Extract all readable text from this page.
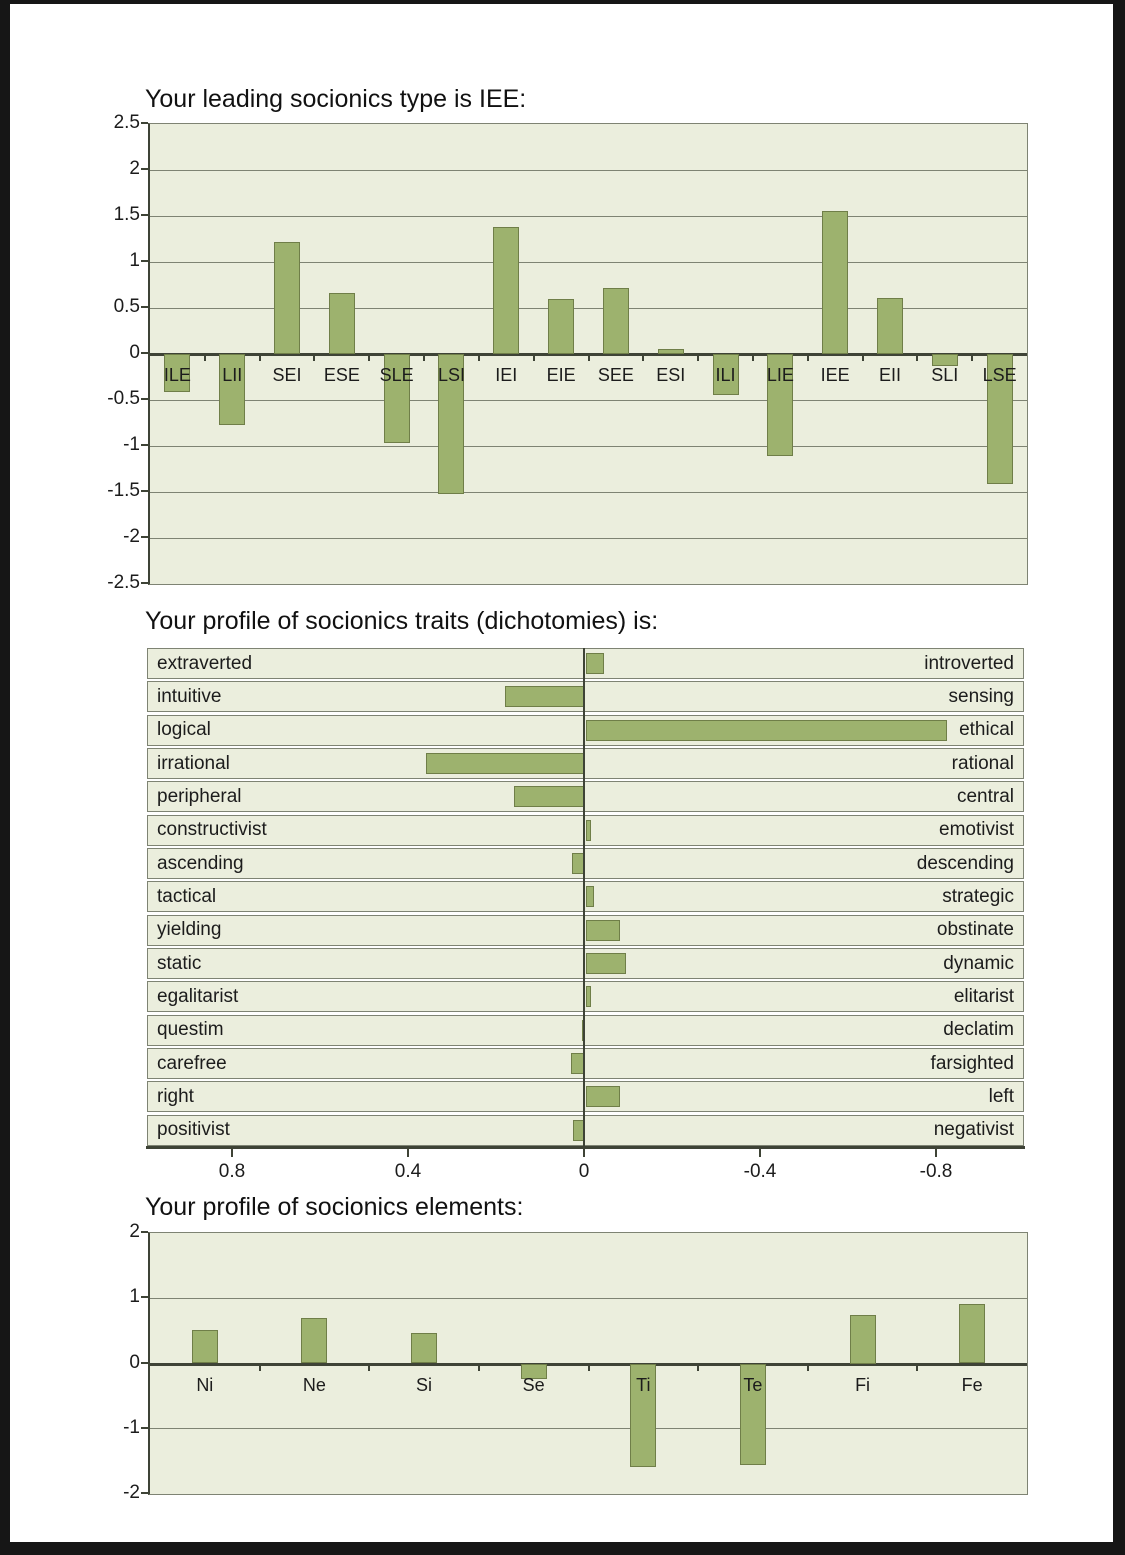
Your leading socionics type is IEE:
ILE	LII	SEI	ESE	SLE	LSI	IEI	EIE	SEE	ESI	ILI	LIE	IEE	EII	SLI	LSE
Your profile of socionics traits (dichotomies) is:
extraverted	introverted
intuitive	sensing
logical	ethical
irrational	rational
peripheral	central
constructivist	emotivist
ascending	descending
tactical	strategic
yielding	obstinate
static	dynamic
egalitarist	elitarist
questim	declatim
carefree	farsighted
right	left
positivist	negativist
0.8	0.4	0	-0.4	-0.8
Your profile of socionics elements:
Ni	Ne	Si	Se	Ti	Te	Fi	Fe
2.5
2
1.5
1
0.5
0
-0.5
-1
-1.5
-2
-2.5
2
1
0
-1
-2
